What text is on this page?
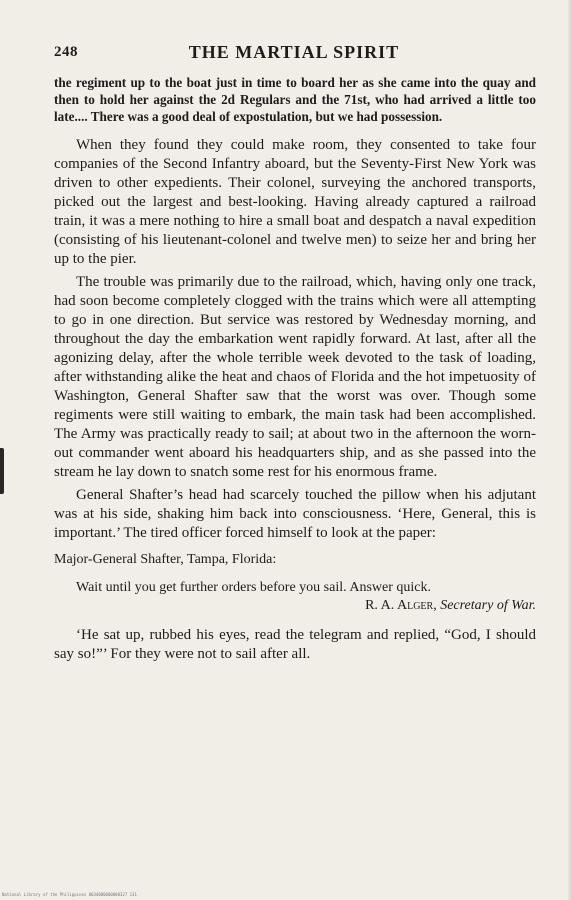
248	THE MARTIAL SPIRIT

the regiment up to the boat just in time to board her as she came into the quay and then to hold her against the 2d Regulars and the 71st, who had arrived a little too late.... There was a good deal of expostulation, but we had possession.

When they found they could make room, they consented to take four companies of the Second Infantry aboard, but the Seventy-First New York was driven to other expedients. Their colonel, surveying the anchored transports, picked out the largest and best-looking. Having already captured a railroad train, it was a mere nothing to hire a small boat and despatch a naval expedition (consisting of his lieutenant-colonel and twelve men) to seize her and bring her up to the pier.

The trouble was primarily due to the railroad, which, having only one track, had soon become completely clogged with the trains which were all attempting to go in one direction. But service was restored by Wednesday morning, and throughout the day the embarkation went rapidly forward. At last, after all the agonizing delay, after the whole terrible week devoted to the task of loading, after withstanding alike the heat and chaos of Florida and the hot impetuosity of Washington, General Shafter saw that the worst was over. Though some regiments were still waiting to embark, the main task had been accomplished. The Army was practically ready to sail; at about two in the afternoon the worn-out commander went aboard his headquarters ship, and as she passed into the stream he lay down to snatch some rest for his enormous frame.

General Shafter’s head had scarcely touched the pillow when his adjutant was at his side, shaking him back into consciousness. ‘Here, General, this is important.’ The tired officer forced himself to look at the paper:

Major-General Shafter, Tampa, Florida:

Wait until you get further orders before you sail. Answer quick.

R. A. Alger, Secretary of War.

‘He sat up, rubbed his eyes, read the telegram and replied, “God, I should say so!”’ For they were not to sail after all.

National Library of the Philippines 0034000000000327 131
